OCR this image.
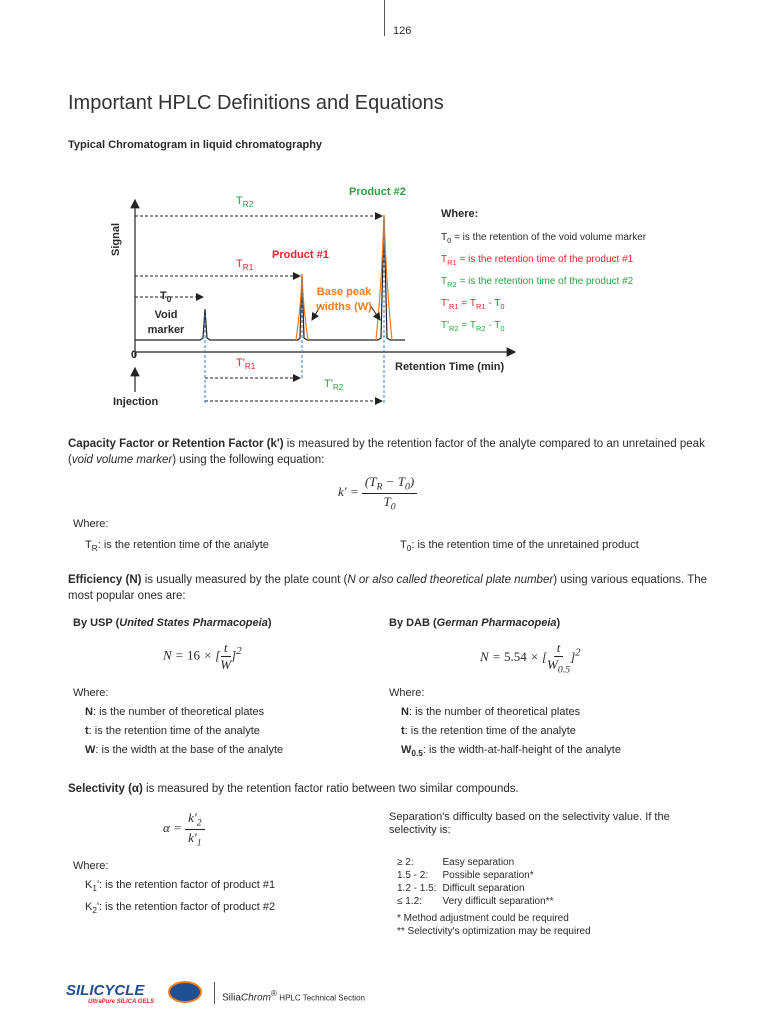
126
Important HPLC Definitions and Equations
Typical Chromatogram in liquid chromatography
Signal
0
Injection
Retention Time (min)
$T_0$
Void marker
Product #1
Product #2
Base peak widths (W)
$T_{R2}$
$T_{R1}$
$T'_{R1}$
$T'_{R2}$
Where:
$T_0$ = is the retention of the void volume marker
$T_{R1}$ = is the retention time of the product #1
$T_{R2}$ = is the retention time of the product #2
$T'_{R1} = T_{R1} - T_0$
$T'_{R2} = T_{R2} - T_0$
Capacity Factor or Retention Factor (k') is measured by the retention factor of the analyte compared to an unretained peak (void volume marker) using the following equation:
$k' = \frac{(T_R - T_0)}{T_0}$
Where:
$T_R$: is the retention time of the analyte	$T_0$: is the retention time of the unretained product
Efficiency (N) is usually measured by the plate count (N or also called theoretical plate number) using various equations. The most popular ones are:
By USP (United States Pharmacopeia)	By DAB (German Pharmacopeia)
N = 16 × [ $\frac{t}{W} ]^2$	N = 5.54 × [ $\frac{t}{W_{0.5}} ]^2$
Where:
N: is the number of theoretical plates
t: is the retention time of the analyte
W: is the width at the base of the analyte
Where:
N: is the number of theoretical plates
t: is the retention time of the analyte
$W_{0.5}$: is the width-at-half-height of the analyte
Selectivity (α) is measured by the retention factor ratio between two similar compounds.
$\alpha = \frac{k'_2}{k'_1}$
Where:
$K_1'$: is the retention factor of product #1
$K_2'$: is the retention factor of product #2
Separation's difficulty based on the selectivity value. If the selectivity is:
≥ 2:	Easy separation
1.5 - 2:	Possible separation*
1.2 - 1.5:	Difficult separation
≤ 1.2:	Very difficult separation**
* Method adjustment could be required
** Selectivity's optimization may be required
SILICYCLE
UltraPure SILICA GELS	SiliaChrom® HPLC Technical Section
